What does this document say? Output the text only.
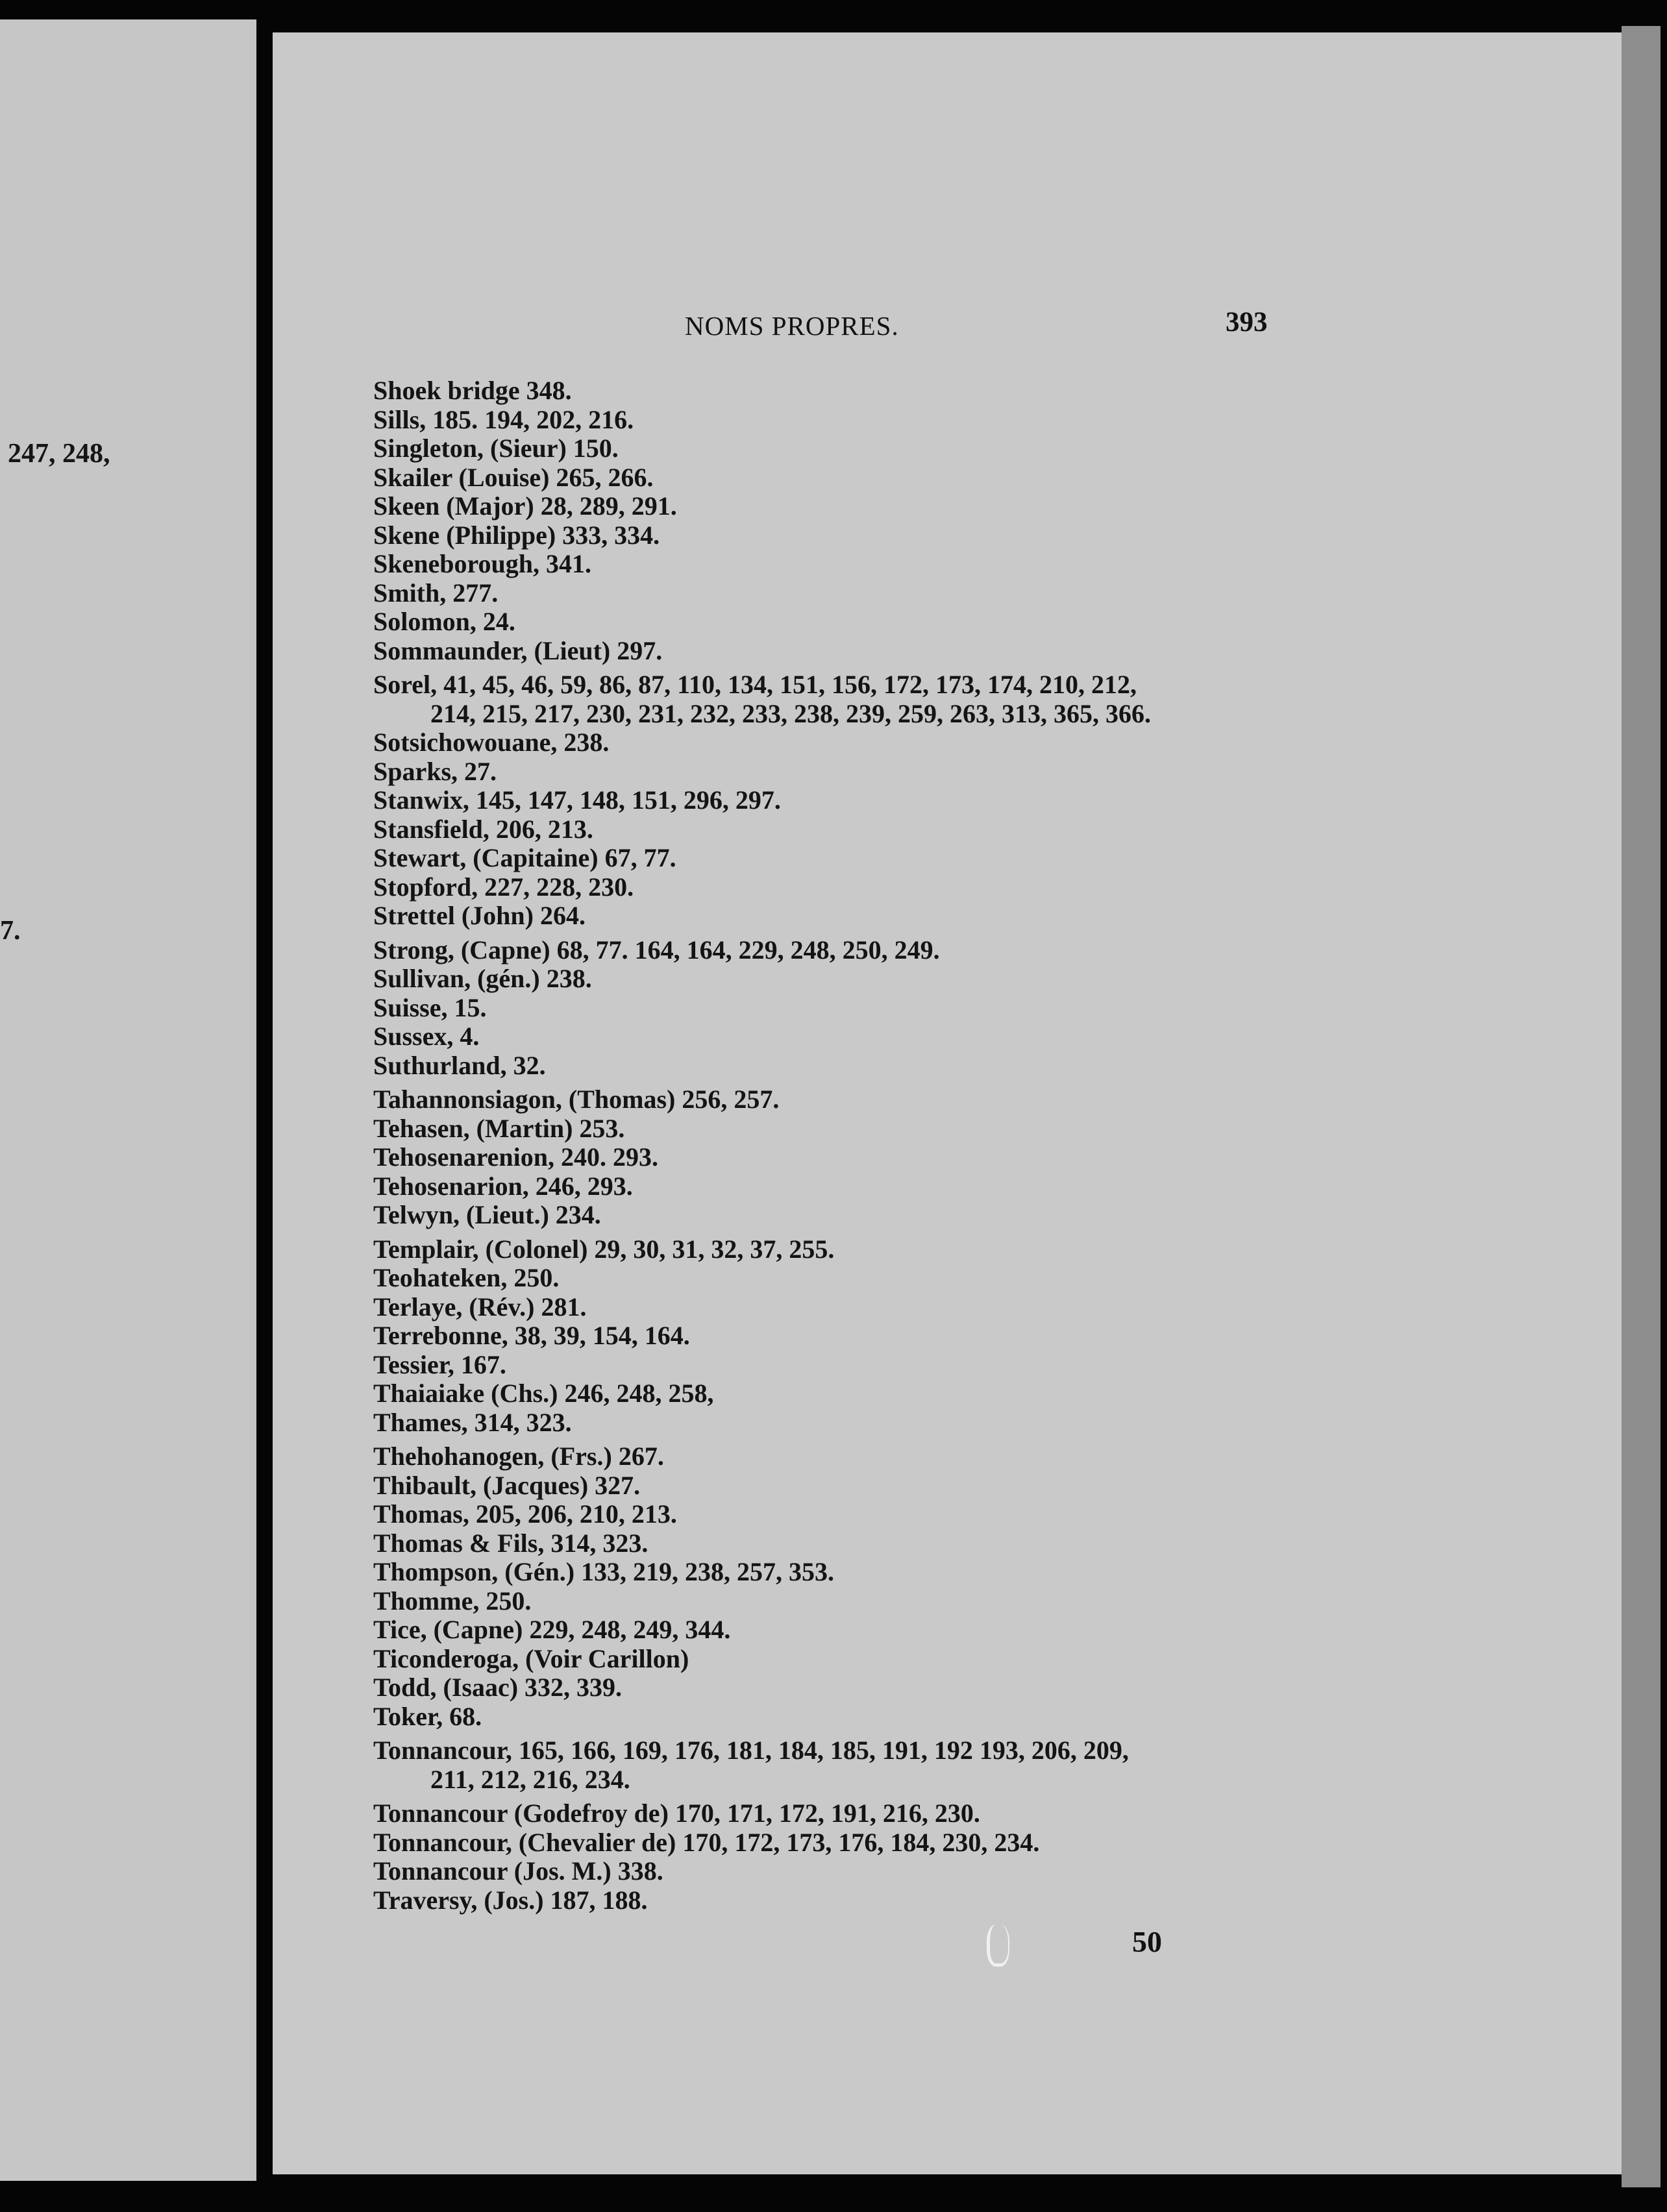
247, 248,
7.
NOMS PROPRES.	393
Shoek bridge 348.
Sills, 185. 194, 202, 216.
Singleton, (Sieur) 150.
Skailer (Louise) 265, 266.
Skeen (Major) 28, 289, 291.
Skene (Philippe) 333, 334.
Skeneborough, 341.
Smith, 277.
Solomon, 24.
Sommaunder, (Lieut) 297.
Sorel, 41, 45, 46, 59, 86, 87, 110, 134, 151, 156, 172, 173, 174, 210, 212,
214, 215, 217, 230, 231, 232, 233, 238, 239, 259, 263, 313, 365, 366.
Sotsichowouane, 238.
Sparks, 27.
Stanwix, 145, 147, 148, 151, 296, 297.
Stansfield, 206, 213.
Stewart, (Capitaine) 67, 77.
Stopford, 227, 228, 230.
Strettel (John) 264.
Strong, (Capne) 68, 77. 164, 164, 229, 248, 250, 249.
Sullivan, (gén.) 238.
Suisse, 15.
Sussex, 4.
Suthurland, 32.
Tahannonsiagon, (Thomas) 256, 257.
Tehasen, (Martin) 253.
Tehosenarenion, 240. 293.
Tehosenarion, 246, 293.
Telwyn, (Lieut.) 234.
Templair, (Colonel) 29, 30, 31, 32, 37, 255.
Teohateken, 250.
Terlaye, (Rév.) 281.
Terrebonne, 38, 39, 154, 164.
Tessier, 167.
Thaiaiake (Chs.) 246, 248, 258,
Thames, 314, 323.
Thehohanogen, (Frs.) 267.
Thibault, (Jacques) 327.
Thomas, 205, 206, 210, 213.
Thomas & Fils, 314, 323.
Thompson, (Gén.) 133, 219, 238, 257, 353.
Thomme, 250.
Tice, (Capne) 229, 248, 249, 344.
Ticonderoga, (Voir Carillon)
Todd, (Isaac) 332, 339.
Toker, 68.
Tonnancour, 165, 166, 169, 176, 181, 184, 185, 191, 192 193, 206, 209,
211, 212, 216, 234.
Tonnancour (Godefroy de) 170, 171, 172, 191, 216, 230.
Tonnancour, (Chevalier de) 170, 172, 173, 176, 184, 230, 234.
Tonnancour (Jos. M.) 338.
Traversy, (Jos.) 187, 188.
50
